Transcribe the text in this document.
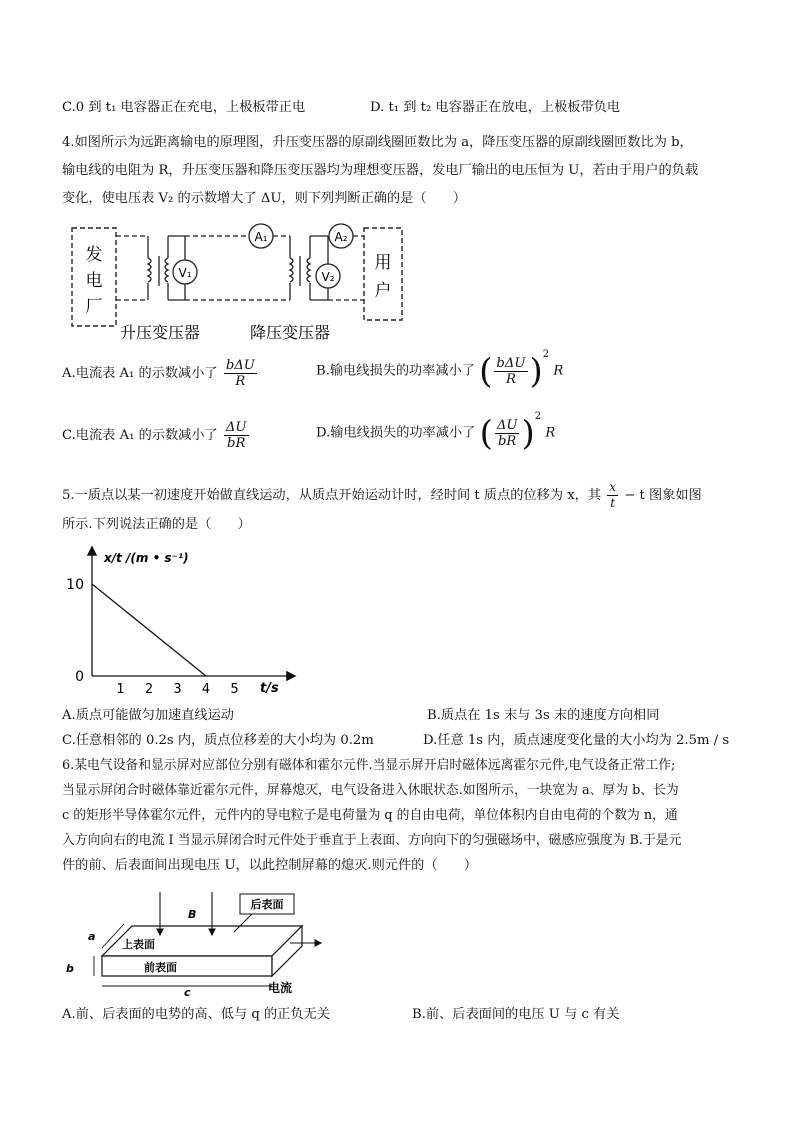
C.0 到 t₁ 电容器正在充电，上极板带正电	D. t₁ 到 t₂ 电容器正在放电，上极板带负电
4.如图所示为远距离输电的原理图，升压变压器的原副线圈匝数比为 a，降压变压器的原副线圈匝数比为 b，
输电线的电阻为 R，升压变压器和降压变压器均为理想变压器，发电厂输出的电压恒为 U，若由于用户的负载
变化，使电压表 V₂ 的示数增大了 ΔU，则下列判断正确的是（　　）
发
电
厂
V₁
A₁
V₂
A₂
用
户
升压变压器	降压变压器
A.电流表 A₁ 的示数减小了 $\frac{\text{bΔU}}{R}$	B.输电线损失的功率减小了 ( $\frac{\text{bΔU}}{R} )^2$ R
C.电流表 A₁ 的示数减小了 $\frac{\Delta U}{bR}$	D.输电线损失的功率减小了 ( $\frac{\Delta U}{bR} )^2$ R
5.一质点以某一初速度开始做直线运动，从质点开始运动计时，经时间 t 质点的位移为 x，其 $\frac{x}{t} - t$ 图象如图
所示.下列说法正确的是（　　）
x/t /(m • s⁻¹)
t/s
1 2 3 4 5
0
10
A.质点可能做匀加速直线运动	B.质点在 1s 末与 3s 末的速度方向相同
C.任意相邻的 0.2s 内，质点位移差的大小均为 0.2m	D.任意 1s 内，质点速度变化量的大小均为 2.5m / s
6.某电气设备和显示屏对应部位分别有磁体和霍尔元件.当显示屏开启时磁体远离霍尔元件,电气设备正常工作;
当显示屏闭合时磁体靠近霍尔元件，屏幕熄灭，电气设备进入休眠状态.如图所示，一块宽为 a、厚为 b、长为
c 的矩形半导体霍尔元件，元件内的导电粒子是电荷量为 q 的自由电荷，单位体积内自由电荷的个数为 n，通
入方向向右的电流 I 当显示屏闭合时元件处于垂直于上表面、方向向下的匀强磁场中，磁感应强度为 B.于是元
件的前、后表面间出现电压 U，以此控制屏幕的熄灭.则元件的（　　）
B
后表面
上表面
前表面
电流
a
b
c
A.前、后表面的电势的高、低与 q 的正负无关	B.前、后表面间的电压 U 与 c 有关
